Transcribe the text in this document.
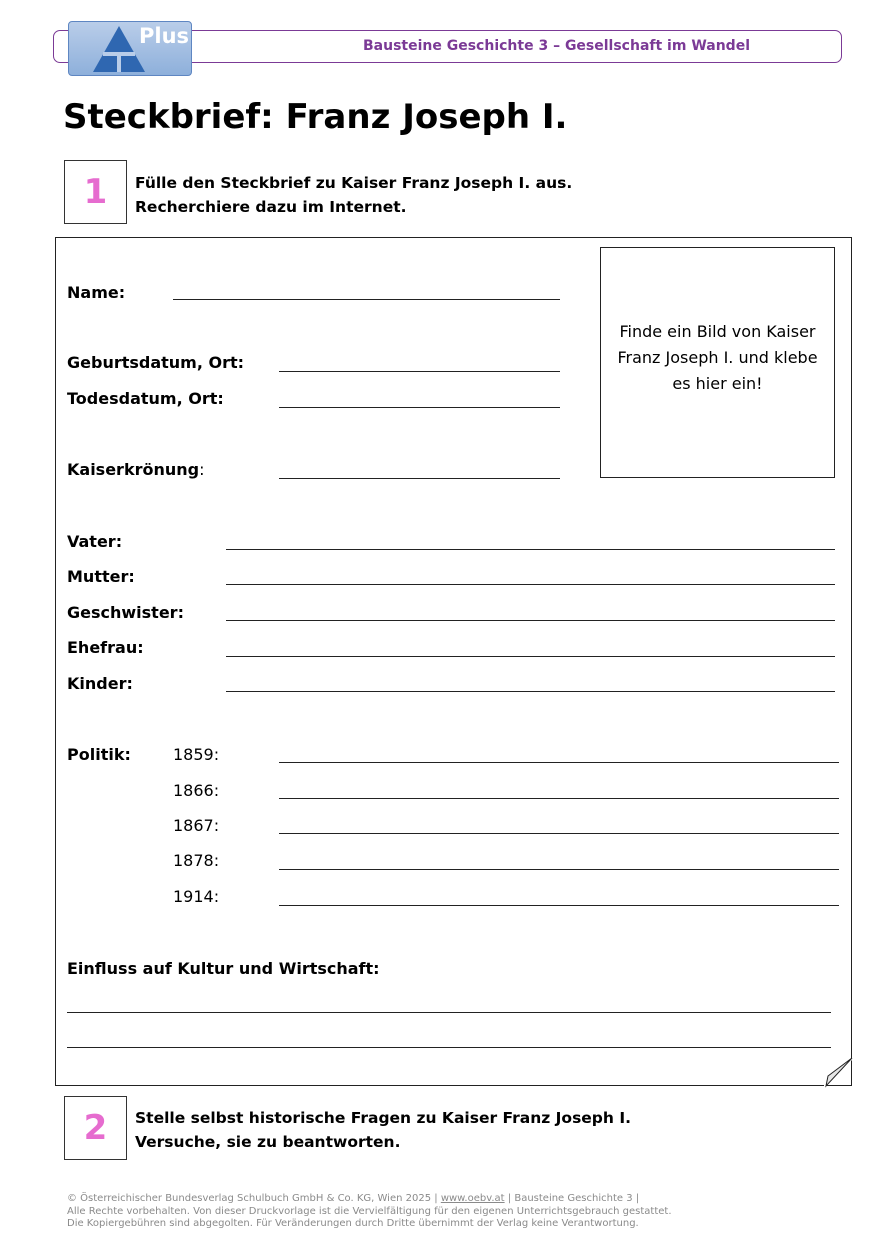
Bausteine Geschichte 3 – Gesellschaft im Wandel
Plus
Steckbrief: Franz Joseph I.
1	Fülle den Steckbrief zu Kaiser Franz Joseph I. aus.
Recherchiere dazu im Internet.
Finde ein Bild von Kaiser
Franz Joseph I. und klebe
es hier ein!
Name:
Geburtsdatum, Ort:
Todesdatum, Ort:
Kaiserkrönung:
Vater:
Mutter:
Geschwister:
Ehefrau:
Kinder:
Politik:	1859:
1866:
1867:
1878:
1914:
Einfluss auf Kultur und Wirtschaft:
2	Stelle selbst historische Fragen zu Kaiser Franz Joseph I.
Versuche, sie zu beantworten.
© Österreichischer Bundesverlag Schulbuch GmbH & Co. KG, Wien 2025 | www.oebv.at | Bausteine Geschichte 3 |
Alle Rechte vorbehalten. Von dieser Druckvorlage ist die Vervielfältigung für den eigenen Unterrichtsgebrauch gestattet.
Die Kopiergebühren sind abgegolten. Für Veränderungen durch Dritte übernimmt der Verlag keine Verantwortung.
